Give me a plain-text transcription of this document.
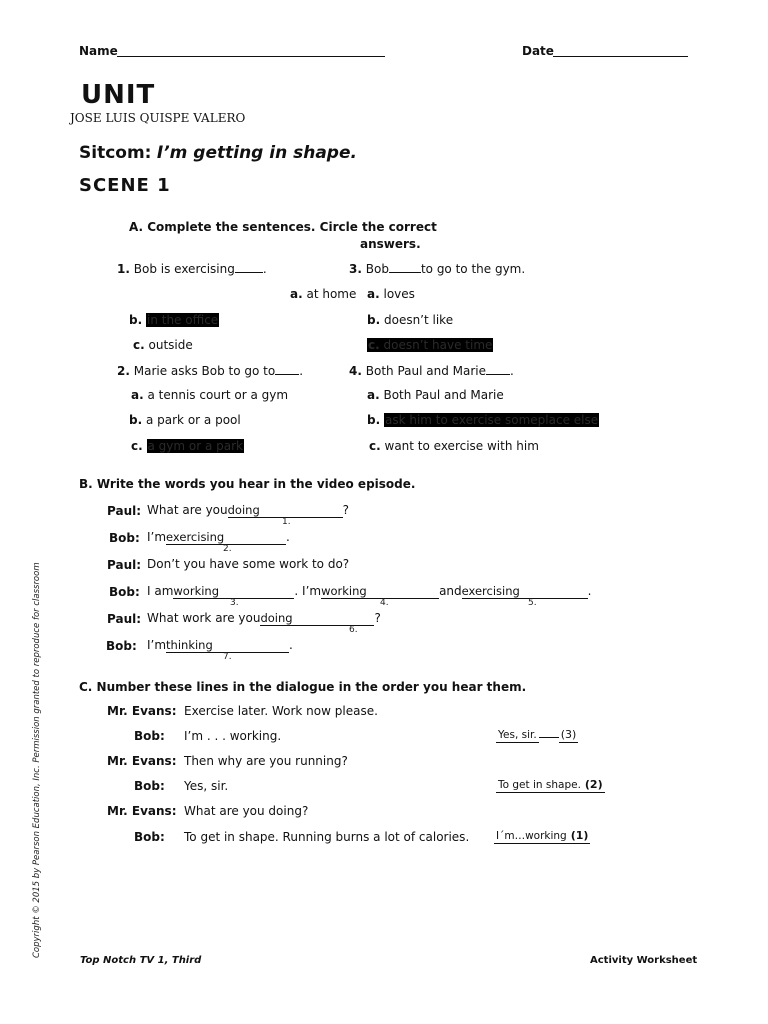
Name	Date
UNIT
JOSE LUIS QUISPE VALERO
Sitcom: I’m getting in shape.
SCENE 1
A. Complete the sentences. Circle the correct
answers.
1. Bob is exercising .
a. at home
b. in the office
c. outside
2. Marie asks Bob to go to .
a. a tennis court or a gym
b. a park or a pool
c. a gym or a park
3. Bob	to go to the gym.
a. loves
b. doesn’t like
c. doesn’t have time
4. Both Paul and Marie .
a. Both Paul and Marie
b. ask him to exercise someplace else
c. want to exercise with him
B. Write the words you hear in the video episode.
Paul: What are youdoing	?
1.
Bob: I’mexercising	.
2.
Paul: Don’t you have some work to do?
Bob: I amworking	. I’mworking	andexercising	.
3.	4.	5.
Paul: What work are youdoing	?
6.
Bob: I’mthinking	.
7.
C. Number these lines in the dialogue in the order you hear them.
Mr. Evans: Exercise later. Work now please.
Bob: I’m . . . working.	Yes, sir. (3)
Mr. Evans: Then why are you running?
Bob: Yes, sir.	To get in shape. (2)
Mr. Evans: What are you doing?
Bob: To get in shape. Running burns a lot of calories.	I´m…working (1)
Copyright © 2015 by Pearson Education, Inc. Permission granted to reproduce for classroom
Top Notch TV 1, Third	Activity Worksheet
